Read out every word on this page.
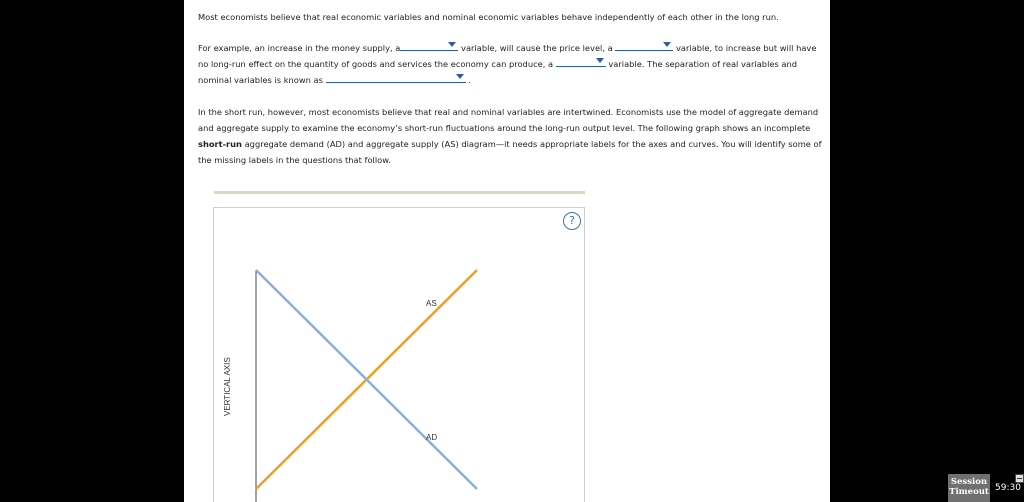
Most economists believe that real economic variables and nominal economic variables behave independently of each other in the long run.

For example, an increase in the money supply, a	variable, will cause the price level, a	variable, to increase but will have no long-run effect on the quantity of goods and services the economy can produce, a	variable. The separation of real variables and nominal variables is known as	.

In the short run, however, most economists believe that real and nominal variables are intertwined. Economists use the model of aggregate demand and aggregate supply to examine the economy’s short-run fluctuations around the long-run output level. The following graph shows an incomplete short-run aggregate demand (AD) and aggregate supply (AS) diagram—it needs appropriate labels for the axes and curves. You will identify some of the missing labels in the questions that follow.

?
VERTICAL AXIS
AS
AD
Session
Timeout 59:30
